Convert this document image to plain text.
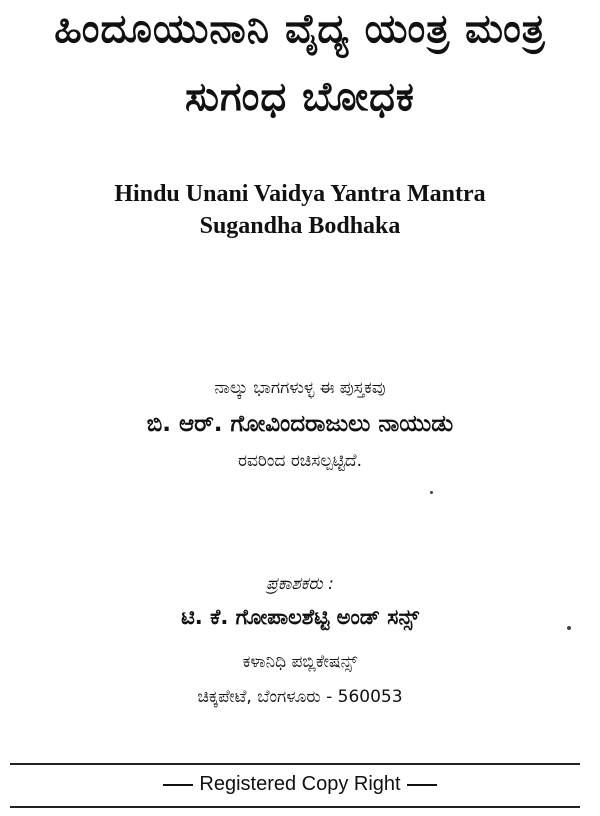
ಹಿಂದೂಯುನಾನಿ ವೈದ್ಯ ಯಂತ್ರ ಮಂತ್ರ
ಸುಗಂಧ ಬೋಧಕ
Hindu Unani Vaidya Yantra Mantra
Sugandha Bodhaka
ನಾಲ್ಕು ಭಾಗಗಳುಳ್ಳ ಈ ಪುಸ್ತಕವು
ಬಿ. ಆರ್. ಗೋವಿಂದರಾಜುಲು ನಾಯುಡು
ರವರಿಂದ ರಚಿಸಲ್ಪಟ್ಟಿದೆ.
ಪ್ರಕಾಶಕರು :
ಟಿ. ಕೆ. ಗೋಪಾಲಶೆಟ್ಟಿ ಅಂಡ್ ಸನ್ಸ್
ಕಳಾನಿಧಿ ಪಬ್ಲಿಕೇಷನ್ಸ್
ಚಿಕ್ಕಪೇಟೆ, ಬೆಂಗಳೂರು - 560053
Registered Copy Right
